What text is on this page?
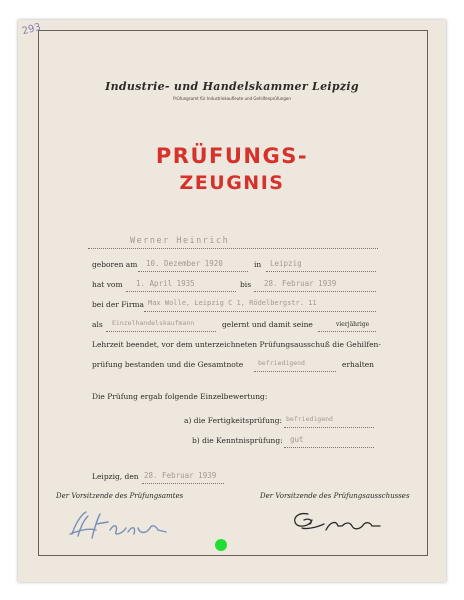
293
Industrie- und Handelskammer Leipzig
Prüfungsamt für Industriekaufleute und Gehilfenprüfungen
PRÜFUNGS-
ZEUGNIS
Werner Heinrich
geboren am 10. Dezember 1920	in Leipzig
hat vom 1. April 1935	bis 28. Februar 1939
bei der Firma Max Wolle, Leipzig C 1, Rödelbergstr. 11
als Einzelhandelskaufmann	gelernt und damit seine	vierjährige
Lehrzeit beendet, vor dem unterzeichneten Prüfungsausschuß die Gehilfen-
prüfung bestanden und die Gesamtnote befriedigend	erhalten
Die Prüfung ergab folgende Einzelbewertung:
a) die Fertigkeitsprüfung: befriedigend
b) die Kenntnisprüfung: gut
Leipzig, den 28. Februar 1939
Der Vorsitzende des Prüfungsamtes	Der Vorsitzende des Prüfungsausschusses
